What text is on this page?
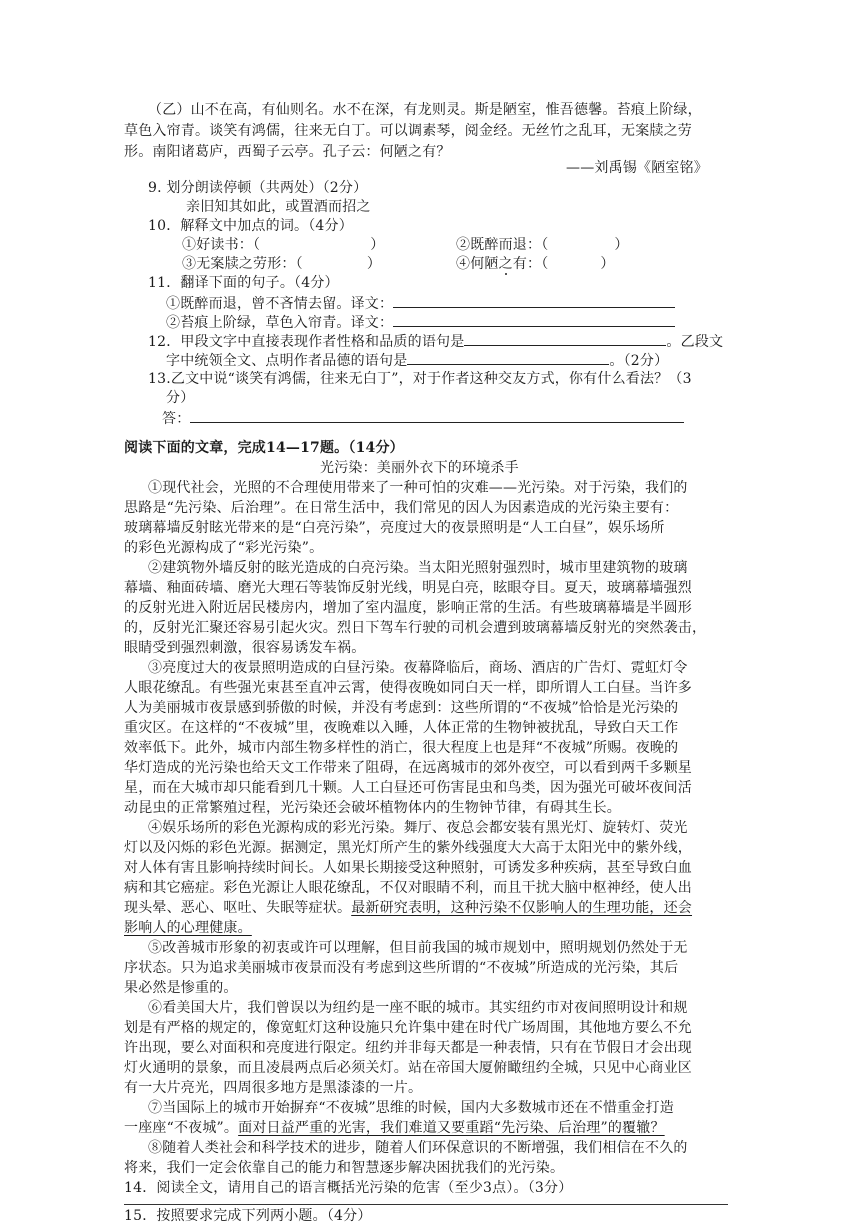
（乙）山不在高，有仙则名。水不在深，有龙则灵。斯是陋室，惟吾德馨。苔痕上阶绿，
草色入帘青。谈笑有鸿儒，往来无白丁。可以调素琴，阅金经。无丝竹之乱耳，无案牍之劳
形。南阳诸葛庐，西蜀子云亭。孔子云：何陋之有？
——刘禹锡《陋室铭》
9. 划分朗读停顿（共两处）（2分）
亲旧知其如此，或置酒而招之
10．解释文中加点的词。（4分）
①好读书：（	）	②既醉而退：（	）
③无案牍之劳形：（	）	④何陋之有：（	）
11．翻译下面的句子。（4分）
①既醉而退，曾不吝情去留。译文：
②苔痕上阶绿，草色入帘青。译文：
12．甲段文字中直接表现作者性格和品质的语句是	。乙段文
字中统领全文、点明作者品德的语句是	。（2分）
13.乙文中说“谈笑有鸿儒，往来无白丁”，对于作者这种交友方式，你有什么看法？（3
分）
答：
阅读下面的文章，完成14—17题。（14分）
光污染：美丽外衣下的环境杀手
①现代社会，光照的不合理使用带来了一种可怕的灾难——光污染。对于污染，我们的
思路是“先污染、后治理”。在日常生活中，我们常见的因人为因素造成的光污染主要有：
玻璃幕墙反射眩光带来的是“白亮污染”，亮度过大的夜景照明是“人工白昼”，娱乐场所
的彩色光源构成了“彩光污染”。
②建筑物外墙反射的眩光造成的白亮污染。当太阳光照射强烈时，城市里建筑物的玻璃
幕墙、釉面砖墙、磨光大理石等装饰反射光线，明晃白亮，眩眼夺目。夏天，玻璃幕墙强烈
的反射光进入附近居民楼房内，增加了室内温度，影响正常的生活。有些玻璃幕墙是半圆形
的，反射光汇聚还容易引起火灾。烈日下驾车行驶的司机会遭到玻璃幕墙反射光的突然袭击，
眼睛受到强烈刺激，很容易诱发车祸。
③亮度过大的夜景照明造成的白昼污染。夜幕降临后，商场、酒店的广告灯、霓虹灯令
人眼花缭乱。有些强光束甚至直冲云霄，使得夜晚如同白天一样，即所谓人工白昼。当许多
人为美丽城市夜景感到骄傲的时候，并没有考虑到：这些所谓的“不夜城”恰恰是光污染的
重灾区。在这样的“不夜城”里，夜晚难以入睡，人体正常的生物钟被扰乱，导致白天工作
效率低下。此外，城市内部生物多样性的消亡，很大程度上也是拜“不夜城”所赐。夜晚的
华灯造成的光污染也给天文工作带来了阻碍，在远离城市的郊外夜空，可以看到两千多颗星
星，而在大城市却只能看到几十颗。人工白昼还可伤害昆虫和鸟类，因为强光可破坏夜间活
动昆虫的正常繁殖过程，光污染还会破坏植物体内的生物钟节律，有碍其生长。
④娱乐场所的彩色光源构成的彩光污染。舞厅、夜总会都安装有黑光灯、旋转灯、荧光
灯以及闪烁的彩色光源。据测定，黑光灯所产生的紫外线强度大大高于太阳光中的紫外线，
对人体有害且影响持续时间长。人如果长期接受这种照射，可诱发多种疾病，甚至导致白血
病和其它癌症。彩色光源让人眼花缭乱，不仅对眼睛不利，而且干扰大脑中枢神经，使人出
现头晕、恶心、呕吐、失眠等症状。最新研究表明，这种污染不仅影响人的生理功能，还会
影响人的心理健康。
⑤改善城市形象的初衷或许可以理解，但目前我国的城市规划中，照明规划仍然处于无
序状态。只为追求美丽城市夜景而没有考虑到这些所谓的“不夜城”所造成的光污染，其后
果必然是惨重的。
⑥看美国大片，我们曾误以为纽约是一座不眠的城市。其实纽约市对夜间照明设计和规
划是有严格的规定的，像宽虹灯这种设施只允许集中建在时代广场周围，其他地方要么不允
许出现，要么对面积和亮度进行限定。纽约并非每天都是一种表情，只有在节假日才会出现
灯火通明的景象，而且凌晨两点后必须关灯。站在帝国大厦俯瞰纽约全城，只见中心商业区
有一大片亮光，四周很多地方是黑漆漆的一片。
⑦当国际上的城市开始摒弃“不夜城”思维的时候，国内大多数城市还在不惜重金打造
一座座“不夜城”。面对日益严重的光害，我们难道又要重蹈“先污染、后治理”的覆辙？
⑧随着人类社会和科学技术的进步，随着人们环保意识的不断增强，我们相信在不久的
将来，我们一定会依靠自己的能力和智慧逐步解决困扰我们的光污染。
14．阅读全文，请用自己的语言概括光污染的危害（至少3点）。（3分）
15．按照要求完成下列两小题。（4分）
